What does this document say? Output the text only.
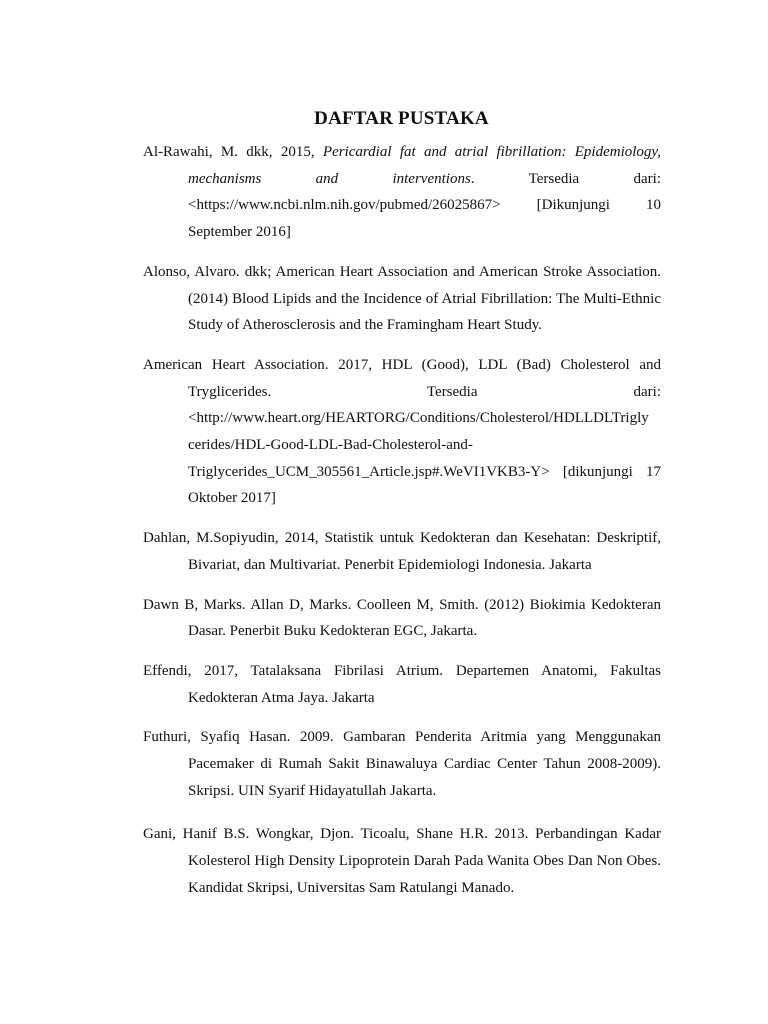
DAFTAR PUSTAKA
Al-Rawahi, M. dkk, 2015, Pericardial fat and atrial fibrillation: Epidemiology,
mechanisms and interventions. Tersedia dari:
<https://www.ncbi.nlm.nih.gov/pubmed/26025867> [Dikunjungi 10
September 2016]
Alonso, Alvaro. dkk; American Heart Association and American Stroke Association.
(2014) Blood Lipids and the Incidence of Atrial Fibrillation: The Multi-Ethnic
Study of Atherosclerosis and the Framingham Heart Study.
American Heart Association. 2017, HDL (Good), LDL (Bad) Cholesterol and
Tryglicerides. Tersedia dari:
<http://www.heart.org/HEARTORG/Conditions/Cholesterol/HDLLDLTrigly
cerides/HDL-Good-LDL-Bad-Cholesterol-and-
Triglycerides_UCM_305561_Article.jsp#.WeVI1VKB3-Y> [dikunjungi 17
Oktober 2017]
Dahlan, M.Sopiyudin, 2014, Statistik untuk Kedokteran dan Kesehatan: Deskriptif,
Bivariat, dan Multivariat. Penerbit Epidemiologi Indonesia. Jakarta
Dawn B, Marks. Allan D, Marks. Coolleen M, Smith. (2012) Biokimia Kedokteran
Dasar. Penerbit Buku Kedokteran EGC, Jakarta.
Effendi, 2017, Tatalaksana Fibrilasi Atrium. Departemen Anatomi, Fakultas
Kedokteran Atma Jaya. Jakarta
Futhuri, Syafiq Hasan. 2009. Gambaran Penderita Aritmia yang Menggunakan
Pacemaker di Rumah Sakit Binawaluya Cardiac Center Tahun 2008-2009).
Skripsi. UIN Syarif Hidayatullah Jakarta.
Gani, Hanif B.S. Wongkar, Djon. Ticoalu, Shane H.R. 2013. Perbandingan Kadar
Kolesterol High Density Lipoprotein Darah Pada Wanita Obes Dan Non Obes.
Kandidat Skripsi, Universitas Sam Ratulangi Manado.
